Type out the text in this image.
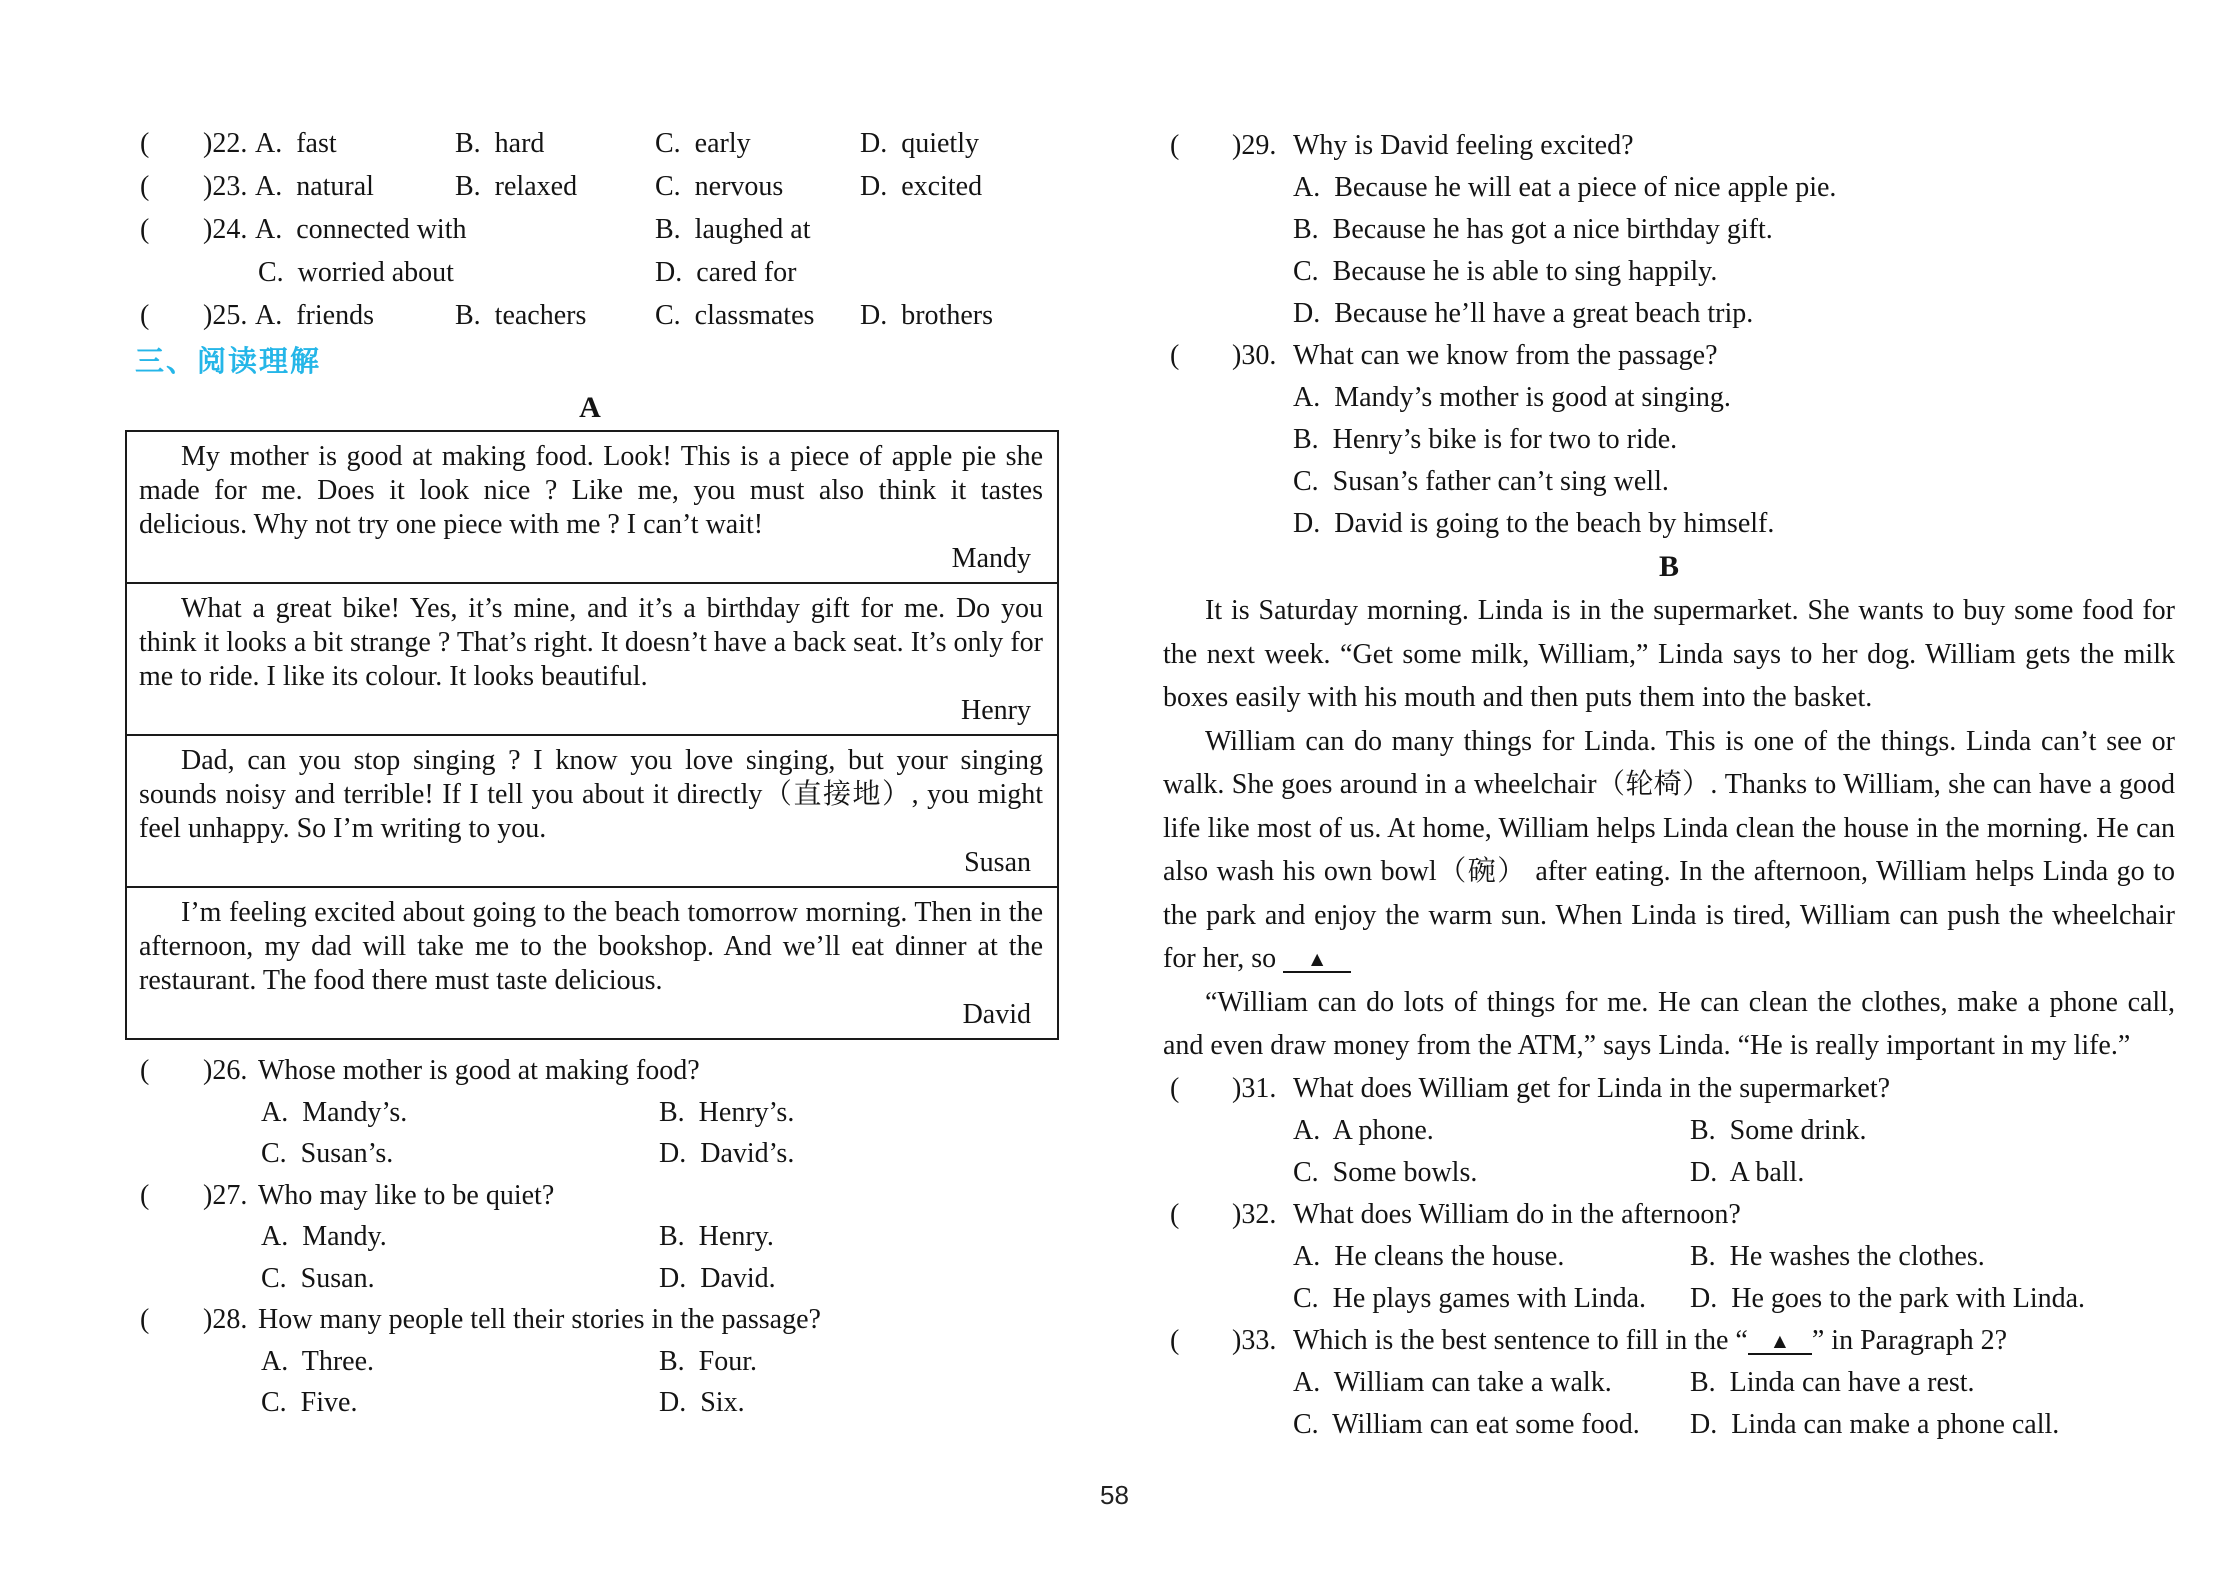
( )22. A.  fast	B.  hard	C.  early	D.  quietly
( )23. A.  natural	B.  relaxed	C.  nervous	D.  excited
( )24. A.  connected with	B.  laughed at
C.  worried about	D.  cared for
( )25. A.  friends	B.  teachers C.  classmates D.  brothers
三、阅读理解
A

My mother is good at making food. Look! This is a piece of apple pie she made for me. Does it look nice ? Like me, you must also think it tastes delicious. Why not try one piece with me ? I can’t wait!

Mandy

What a great bike! Yes, it’s mine, and it’s a birthday gift for me. Do you think it looks a bit strange ? That’s right. It doesn’t have a back seat. It’s only for me to ride. I like its colour. It looks beautiful.

Henry

Dad, can you stop singing ? I know you love singing, but your singing sounds noisy and terrible! If I tell you about it directly（直接地）, you might feel unhappy. So I’m writing to you.

Susan

I’m feeling excited about going to the beach tomorrow morning. Then in the afternoon, my dad will take me to the bookshop. And we’ll eat dinner at the restaurant. The food there must taste delicious.

David
( )26. Whose mother is good at making food?
A.  Mandy’s.	B.  Henry’s.
C.  Susan’s.	D.  David’s.
( )27. Who may like to be quiet?
A.  Mandy.	B.  Henry.
C.  Susan.	D.  David.
( )28. How many people tell their stories in the passage?
A.  Three.	B.  Four.
C.  Five.	D.  Six.
( )29. Why is David feeling excited?
A.  Because he will eat a piece of nice apple pie.
B.  Because he has got a nice birthday gift.
C.  Because he is able to sing happily.
D.  Because he’ll have a great beach trip.
( )30. What can we know from the passage?
A.  Mandy’s mother is good at singing.
B.  Henry’s bike is for two to ride.
C.  Susan’s father can’t sing well.
D.  David is going to the beach by himself.
B

It is Saturday morning. Linda is in the supermarket. She wants to buy some food for the next week. “Get some milk, William,” Linda says to her dog. William gets the milk boxes easily with his mouth and then puts them into the basket.

William can do many things for Linda. This is one of the things. Linda can’t see or walk. She goes around in a wheelchair（轮椅）. Thanks to William, she can have a good life like most of us. At home, William helps Linda clean the house in the morning. He can also wash his own bowl（碗） after eating. In the afternoon, William helps Linda go to the park and enjoy the warm sun. When Linda is tired, William can push the wheelchair for her, so ▲

“William can do lots of things for me. He can clean the clothes, make a phone call, and even draw money from the ATM,” says Linda. “He is really important in my life.”

( )31. What does William get for Linda in the supermarket?
A.  A phone.	B.  Some drink.
C.  Some bowls.	D.  A ball.
( )32. What does William do in the afternoon?
A.  He cleans the house.	B.  He washes the clothes.
C.  He plays games with Linda. D.  He goes to the park with Linda.
( )33. Which is the best sentence to fill in the “ ▲ ” in Paragraph 2?
A.  William can take a walk.	B.  Linda can have a rest.
C.  William can eat some food. D.  Linda can make a phone call.
58
